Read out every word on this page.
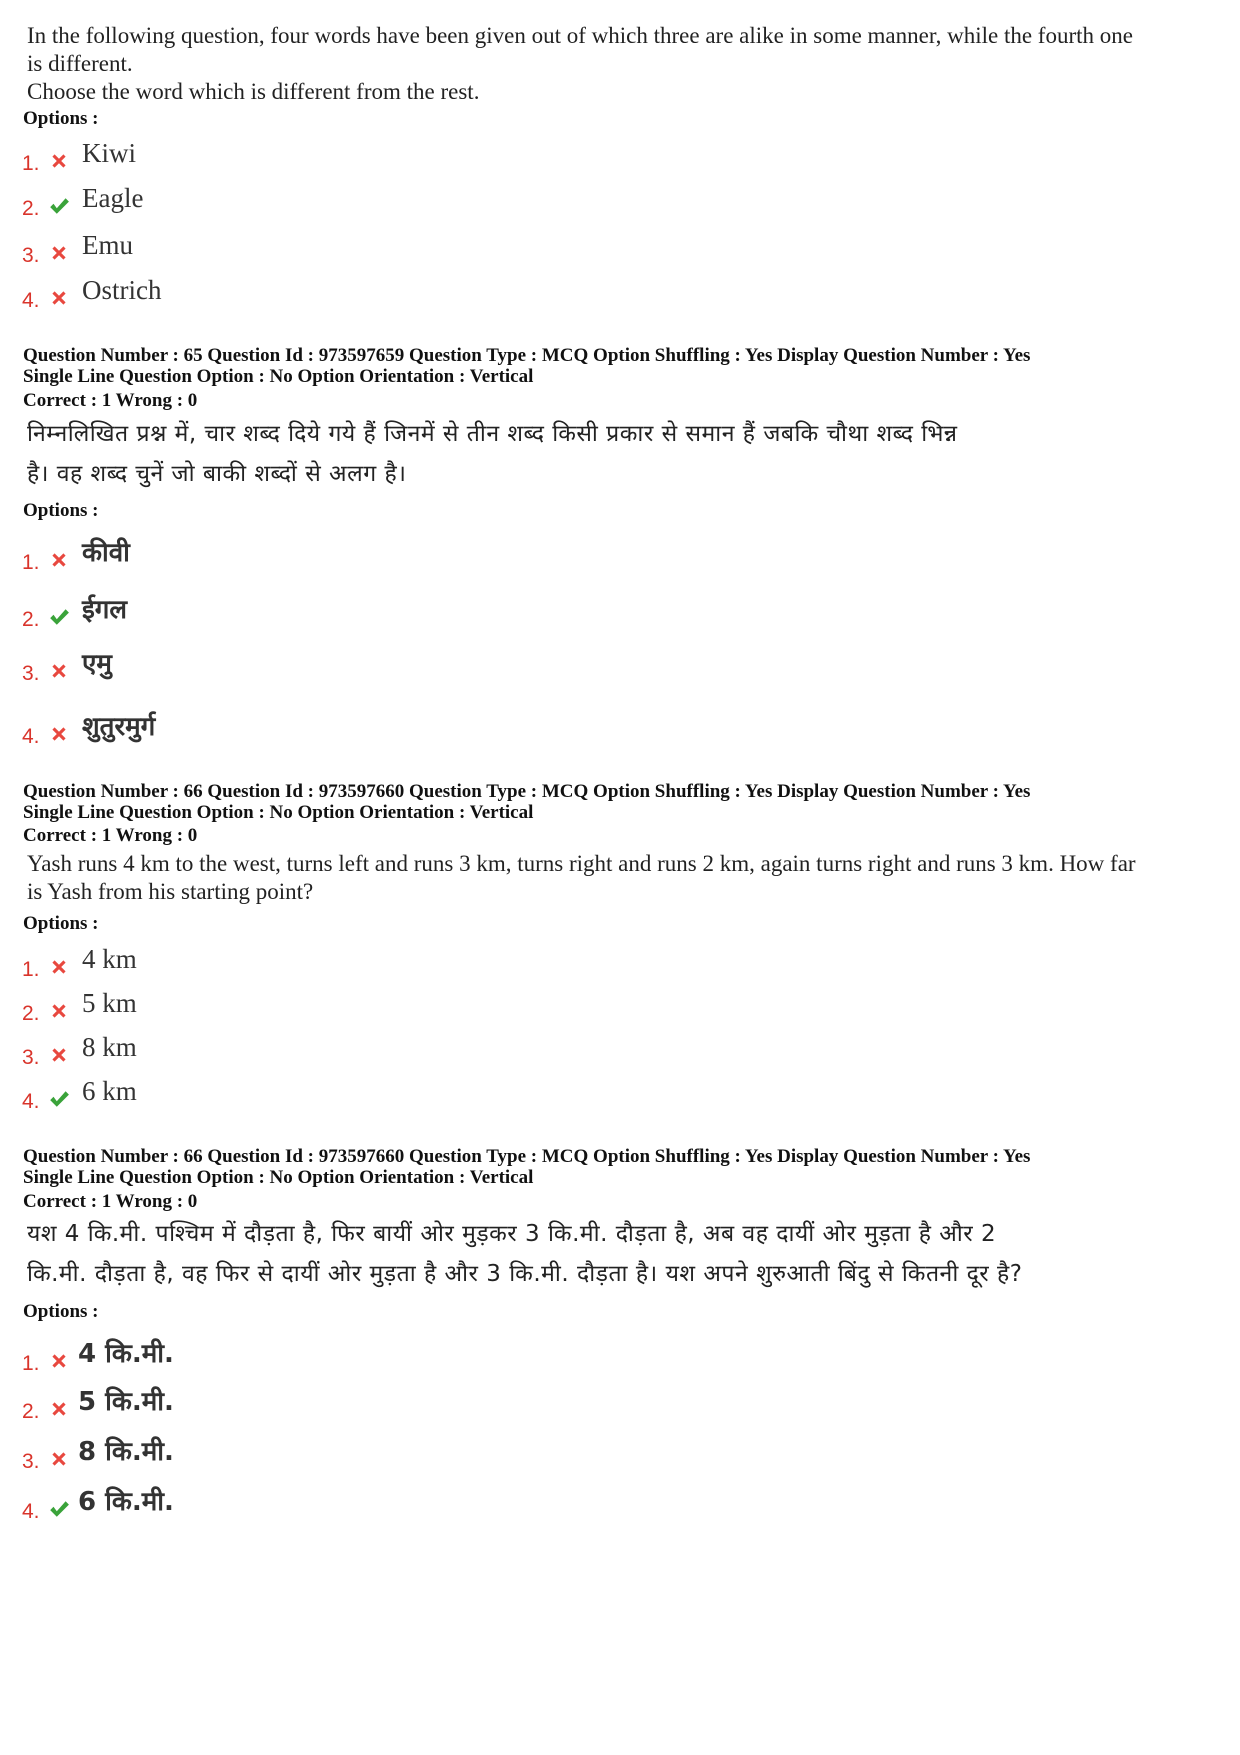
In the following question, four words have been given out of which three are alike in some manner, while the fourth one
is different.
Choose the word which is different from the rest.
Options :
1. Kiwi
2. Eagle
3. Emu
4. Ostrich
Question Number : 65 Question Id : 973597659 Question Type : MCQ Option Shuffling : Yes Display Question Number : Yes
Single Line Question Option : No Option Orientation : Vertical
Correct : 1 Wrong : 0
निम्नलिखित प्रश्न में, चार शब्द दिये गये हैं जिनमें से तीन शब्द किसी प्रकार से समान हैं जबकि चौथा शब्द भिन्न
है। वह शब्द चुनें जो बाकी शब्दों से अलग है।
Options :
1. कीवी
2. ईगल
3. एमु
4. शुतुरमुर्ग
Question Number : 66 Question Id : 973597660 Question Type : MCQ Option Shuffling : Yes Display Question Number : Yes
Single Line Question Option : No Option Orientation : Vertical
Correct : 1 Wrong : 0
Yash runs 4 km to the west, turns left and runs 3 km, turns right and runs 2 km, again turns right and runs 3 km. How far
is Yash from his starting point?
Options :
1. 4 km
2. 5 km
3. 8 km
4. 6 km
Question Number : 66 Question Id : 973597660 Question Type : MCQ Option Shuffling : Yes Display Question Number : Yes
Single Line Question Option : No Option Orientation : Vertical
Correct : 1 Wrong : 0
यश 4 कि.मी. पश्चिम में दौड़ता है, फिर बायीं ओर मुड़कर 3 कि.मी. दौड़ता है, अब वह दायीं ओर मुड़ता है और 2
कि.मी. दौड़ता है, वह फिर से दायीं ओर मुड़ता है और 3 कि.मी. दौड़ता है। यश अपने शुरुआती बिंदु से कितनी दूर है?
Options :
1. 4 कि.मी.
2. 5 कि.मी.
3. 8 कि.मी.
4. 6 कि.मी.
